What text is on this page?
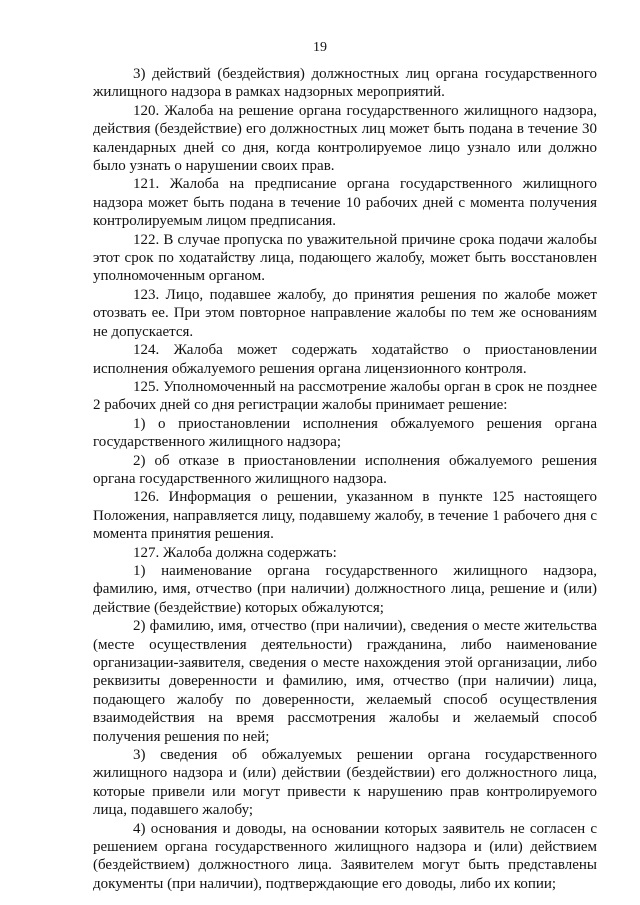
19

3) действий (бездействия) должностных лиц органа государственного жилищного надзора в рамках надзорных мероприятий.

120. Жалоба на решение органа государственного жилищного надзора, действия (бездействие) его должностных лиц может быть подана в течение 30 календарных дней со дня, когда контролируемое лицо узнало или должно было узнать о нарушении своих прав.

121. Жалоба на предписание органа государственного жилищного надзора может быть подана в течение 10 рабочих дней с момента получения контролируемым лицом предписания.

122. В случае пропуска по уважительной причине срока подачи жалобы этот срок по ходатайству лица, подающего жалобу, может быть восстановлен уполномоченным органом.

123. Лицо, подавшее жалобу, до принятия решения по жалобе может отозвать ее. При этом повторное направление жалобы по тем же основаниям не допускается.

124. Жалоба может содержать ходатайство о приостановлении исполнения обжалуемого решения органа лицензионного контроля.

125. Уполномоченный на рассмотрение жалобы орган в срок не позднее 2 рабочих дней со дня регистрации жалобы принимает решение:

1) о приостановлении исполнения обжалуемого решения органа государственного жилищного надзора;

2) об отказе в приостановлении исполнения обжалуемого решения органа государственного жилищного надзора.

126. Информация о решении, указанном в пункте 125 настоящего Положения, направляется лицу, подавшему жалобу, в течение 1 рабочего дня с момента принятия решения.

127. Жалоба должна содержать:

1) наименование органа государственного жилищного надзора, фамилию, имя, отчество (при наличии) должностного лица, решение и (или) действие (бездействие) которых обжалуются;

2) фамилию, имя, отчество (при наличии), сведения о месте жительства (месте осуществления деятельности) гражданина, либо наименование организации-заявителя, сведения о месте нахождения этой организации, либо реквизиты доверенности и фамилию, имя, отчество (при наличии) лица, подающего жалобу по доверенности, желаемый способ осуществления взаимодействия на время рассмотрения жалобы и желаемый способ получения решения по ней;

3) сведения об обжалуемых решении органа государственного жилищного надзора и (или) действии (бездействии) его должностного лица, которые привели или могут привести к нарушению прав контролируемого лица, подавшего жалобу;

4) основания и доводы, на основании которых заявитель не согласен с решением органа государственного жилищного надзора и (или) действием (бездействием) должностного лица. Заявителем могут быть представлены документы (при наличии), подтверждающие его доводы, либо их копии;
